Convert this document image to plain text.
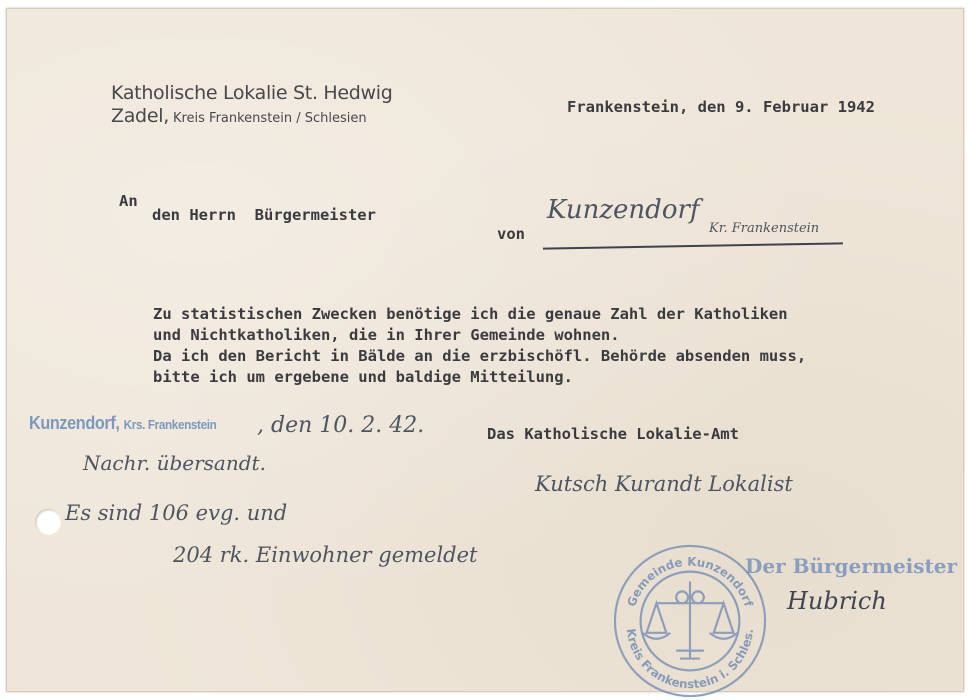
Katholische Lokalie St. Hedwig
Zadel, Kreis Frankenstein / Schlesien
Frankenstein, den 9. Februar 1942
An
den Herrn  Bürgermeister
von
Kunzendorf
Kr. Frankenstein
Zu statistischen Zwecken benötige ich die genaue Zahl der Katholiken
und Nichtkatholiken, die in Ihrer Gemeinde wohnen.
Da ich den Bericht in Bälde an die erzbischöfl. Behörde absenden muss,
bitte ich um ergebene und baldige Mitteilung.
Kunzendorf, Krs. Frankenstein , den 10. 2. 42.	Das Katholische Lokalie-Amt
Nachr. übersandt.
Kutsch Kurandt Lokalist
Es sind 106 evg. und
204 rk. Einwohner gemeldet	Der Bürgermeister
Hubrich
Gemeinde Kunzendorf
Kreis Frankenstein i. Schles.
